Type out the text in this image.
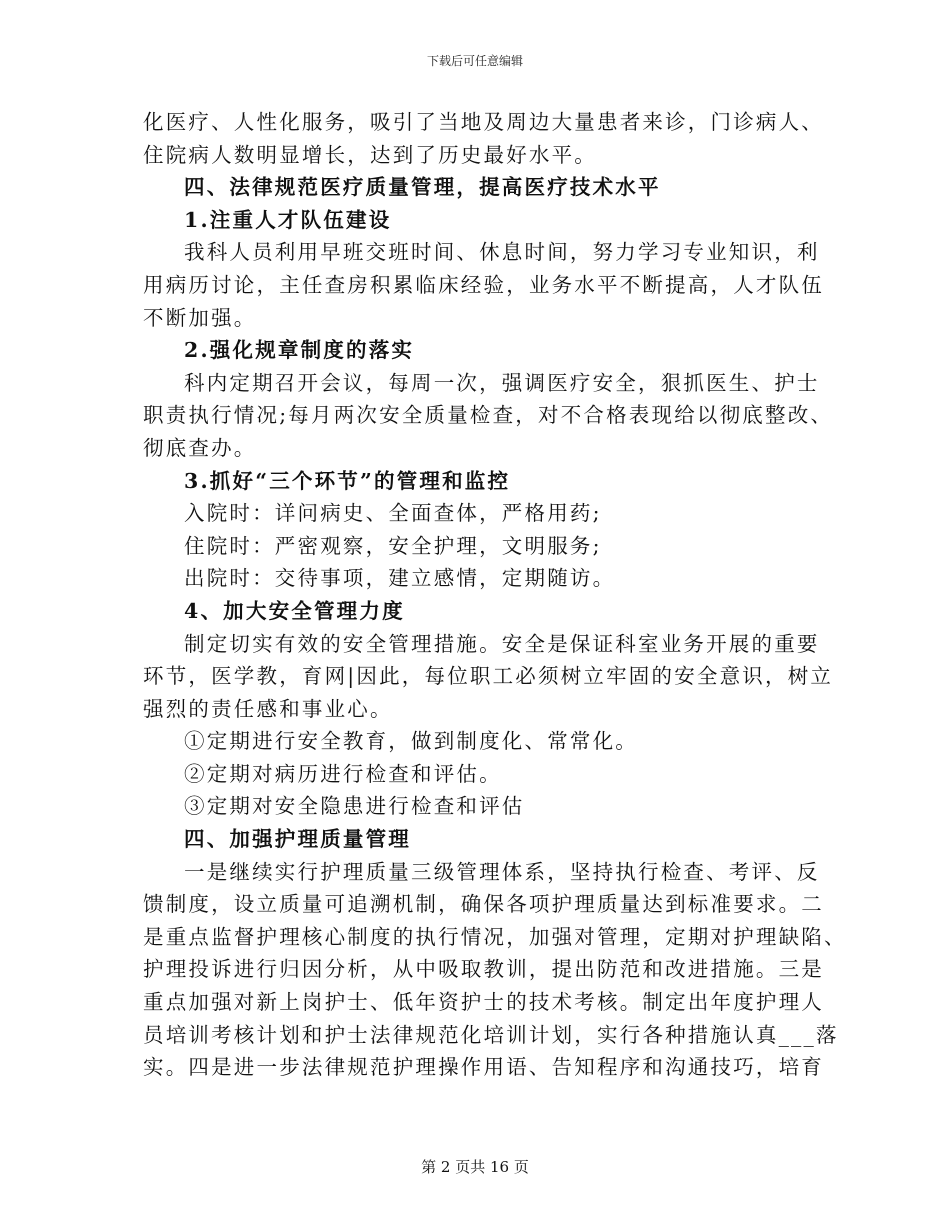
下载后可任意编辑
化医疗、人性化服务，吸引了当地及周边大量患者来诊，门诊病人、
住院病人数明显增长，达到了历史最好水平。
四、法律规范医疗质量管理，提高医疗技术水平
1.注重人才队伍建设
我科人员利用早班交班时间、休息时间，努力学习专业知识，利
用病历讨论，主任查房积累临床经验，业务水平不断提高，人才队伍
不断加强。
2.强化规章制度的落实
科内定期召开会议，每周一次，强调医疗安全，狠抓医生、护士
职责执行情况;每月两次安全质量检查，对不合格表现给以彻底整改、
彻底查办。
3.抓好“三个环节”的管理和监控
入院时：详问病史、全面查体，严格用药;
住院时：严密观察，安全护理，文明服务;
出院时：交待事项，建立感情，定期随访。
4、加大安全管理力度
制定切实有效的安全管理措施。安全是保证科室业务开展的重要
环节，医学教，育网|因此，每位职工必须树立牢固的安全意识，树立
强烈的责任感和事业心。
①定期进行安全教育，做到制度化、常常化。
②定期对病历进行检查和评估。
③定期对安全隐患进行检查和评估
四、加强护理质量管理
一是继续实行护理质量三级管理体系，坚持执行检查、考评、反
馈制度，设立质量可追溯机制，确保各项护理质量达到标准要求。二
是重点监督护理核心制度的执行情况，加强对管理，定期对护理缺陷、
护理投诉进行归因分析，从中吸取教训，提出防范和改进措施。三是
重点加强对新上岗护士、低年资护士的技术考核。制定出年度护理人
员培训考核计划和护士法律规范化培训计划，实行各种措施认真___落
实。四是进一步法律规范护理操作用语、告知程序和沟通技巧，培育
第 2 页共 16 页
